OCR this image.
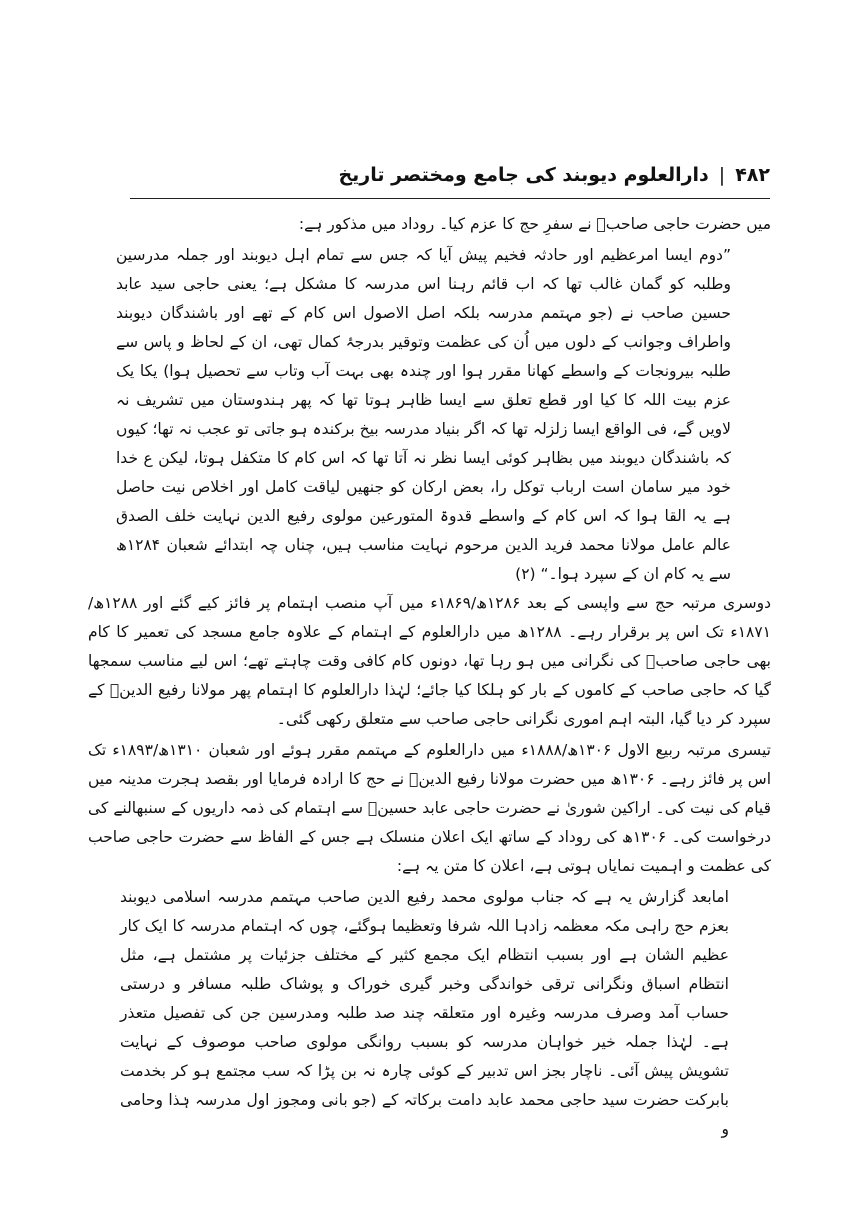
۴۸۲
|
دارالعلوم دیوبند کی جامع ومختصر تاریخ

میں حضرت حاجی صاحبؒ نے سفرِ حج کا عزم کیا۔ روداد میں مذکور ہے:

”دوم ایسا امرعظیم اور حادثہ فخیم پیش آیا کہ جس سے تمام اہل دیوبند اور جملہ مدرسین وطلبہ کو گمان غالب تھا کہ اب قائم رہنا اس مدرسہ کا مشکل ہے؛ یعنی حاجی سید عابد حسین صاحب نے (جو مہتمم مدرسہ بلکہ اصل الاصول اس کام کے تھے اور باشندگان دیوبند واطراف وجوانب کے دلوں میں اُن کی عظمت وتوقیر بدرجۂ کمال تھی، ان کے لحاظ و پاس سے طلبہ بیرونجات کے واسطے کھانا مقرر ہوا اور چندہ بھی بہت آب وتاب سے تحصیل ہوا) یکا یک عزم بیت اللہ کا کیا اور قطع تعلق سے ایسا ظاہر ہوتا تھا کہ پھر ہندوستان میں تشریف نہ لاویں گے، فی الواقع ایسا زلزلہ تھا کہ اگر بنیاد مدرسہ بیخ برکندہ ہو جاتی تو عجب نہ تھا؛ کیوں کہ باشندگان دیوبند میں بظاہر کوئی ایسا نظر نہ آتا تھا کہ اس کام کا متکفل ہوتا، لیکن ع خدا خود میر سامان است ارباب توکل را، بعض ارکان کو جنھیں لیاقت کامل اور اخلاص نیت حاصل ہے یہ القا ہوا کہ اس کام کے واسطے قدوۃ المتورعین مولوی رفیع الدین نہایت خلف الصدق عالم عامل مولانا محمد فرید الدین مرحوم نہایت مناسب ہیں، چناں چہ ابتدائے شعبان ۱۲۸۴ھ سے یہ کام ان کے سپرد ہوا۔“ (۲)

دوسری مرتبہ حج سے واپسی کے بعد ۱۲۸۶ھ/۱۸۶۹ء میں آپ منصب اہتمام پر فائز کیے گئے اور ۱۲۸۸ھ/۱۸۷۱ء تک اس پر برقرار رہے۔ ۱۲۸۸ھ میں دارالعلوم کے اہتمام کے علاوہ جامع مسجد کی تعمیر کا کام بھی حاجی صاحبؒ کی نگرانی میں ہو رہا تھا، دونوں کام کافی وقت چاہتے تھے؛ اس لیے مناسب سمجھا گیا کہ حاجی صاحب کے کاموں کے بار کو ہلکا کیا جائے؛ لہٰذا دارالعلوم کا اہتمام پھر مولانا رفیع الدینؒ کے سپرد کر دیا گیا، البتہ اہم اموری نگرانی حاجی صاحب سے متعلق رکھی گئی۔

تیسری مرتبہ ربیع الاول ۱۳۰۶ھ/۱۸۸۸ء میں دارالعلوم کے مہتمم مقرر ہوئے اور شعبان ۱۳۱۰ھ/۱۸۹۳ء تک اس پر فائز رہے۔ ۱۳۰۶ھ میں حضرت مولانا رفیع الدینؒ نے حج کا ارادہ فرمایا اور بقصد ہجرت مدینہ میں قیام کی نیت کی۔ اراکین شوریٰ نے حضرت حاجی عابد حسینؒ سے اہتمام کی ذمہ داریوں کے سنبھالنے کی درخواست کی۔ ۱۳۰۶ھ کی روداد کے ساتھ ایک اعلان منسلک ہے جس کے الفاظ سے حضرت حاجی صاحب کی عظمت و اہمیت نمایاں ہوتی ہے، اعلان کا متن یہ ہے:

امابعد گزارش یہ ہے کہ جناب مولوی محمد رفیع الدین صاحب مہتمم مدرسہ اسلامی دیوبند بعزم حج راہی مکہ معظمہ زادہا اللہ شرفا وتعظیما ہوگئے، چوں کہ اہتمام مدرسہ کا ایک کار عظیم الشان ہے اور بسبب انتظام ایک مجمع کثیر کے مختلف جزئیات پر مشتمل ہے، مثل انتظام اسباق ونگرانی ترقی خواندگی وخبر گیری خوراک و پوشاک طلبہ مسافر و درستی حساب آمد وصرف مدرسہ وغیرہ اور متعلقہ چند صد طلبہ ومدرسین جن کی تفصیل متعذر ہے۔ لہٰذا جملہ خیر خواہان مدرسہ کو بسبب روانگی مولوی صاحب موصوف کے نہایت تشویش پیش آئی۔ ناچار بجز اس تدبیر کے کوئی چارہ نہ بن پڑا کہ سب مجتمع ہو کر بخدمت بابرکت حضرت سید حاجی محمد عابد دامت برکاتہ کے (جو بانی ومجوز اول مدرسہ ہٰذا وحامی و
